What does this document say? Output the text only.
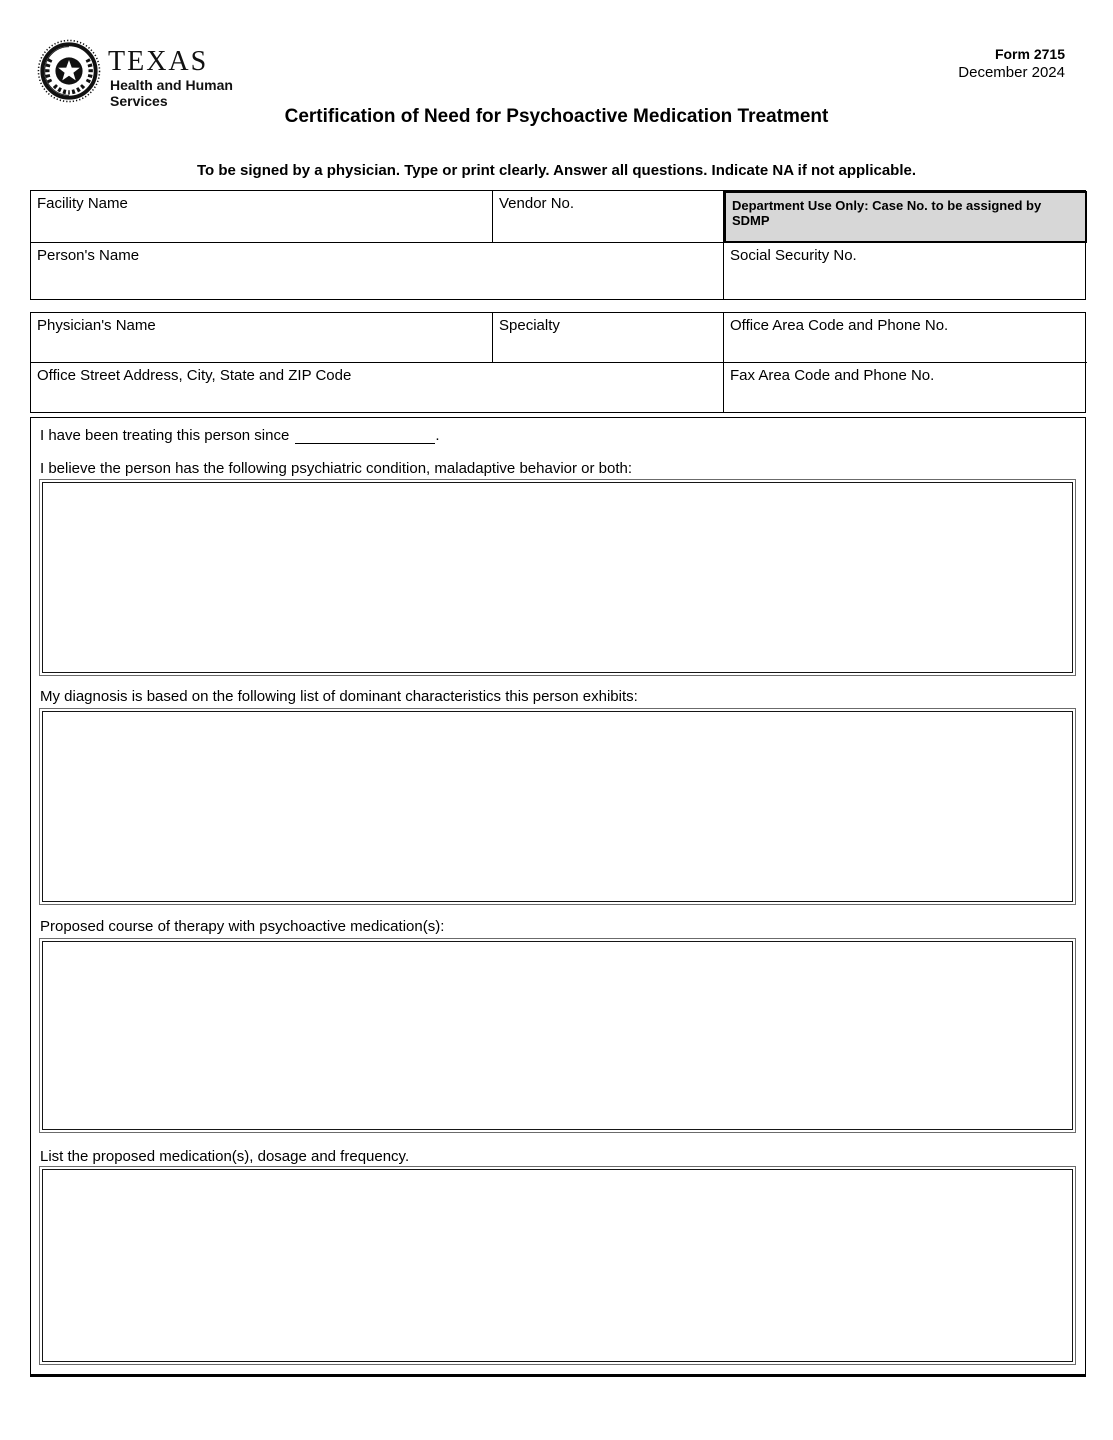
TEXAS
Health and Human
Services
Form 2715
December 2024
Certification of Need for Psychoactive Medication Treatment
To be signed by a physician. Type or print clearly. Answer all questions. Indicate NA if not applicable.
Facility Name	Vendor No.	Department Use Only: Case No. to be assigned by SDMP
Person's Name	Social Security No.
Physician's Name	Specialty	Office Area Code and Phone No.
Office Street Address, City, State and ZIP Code	Fax Area Code and Phone No.
I have been treating this person since	.
I believe the person has the following psychiatric condition, maladaptive behavior or both:
My diagnosis is based on the following list of dominant characteristics this person exhibits:
Proposed course of therapy with psychoactive medication(s):
List the proposed medication(s), dosage and frequency.
